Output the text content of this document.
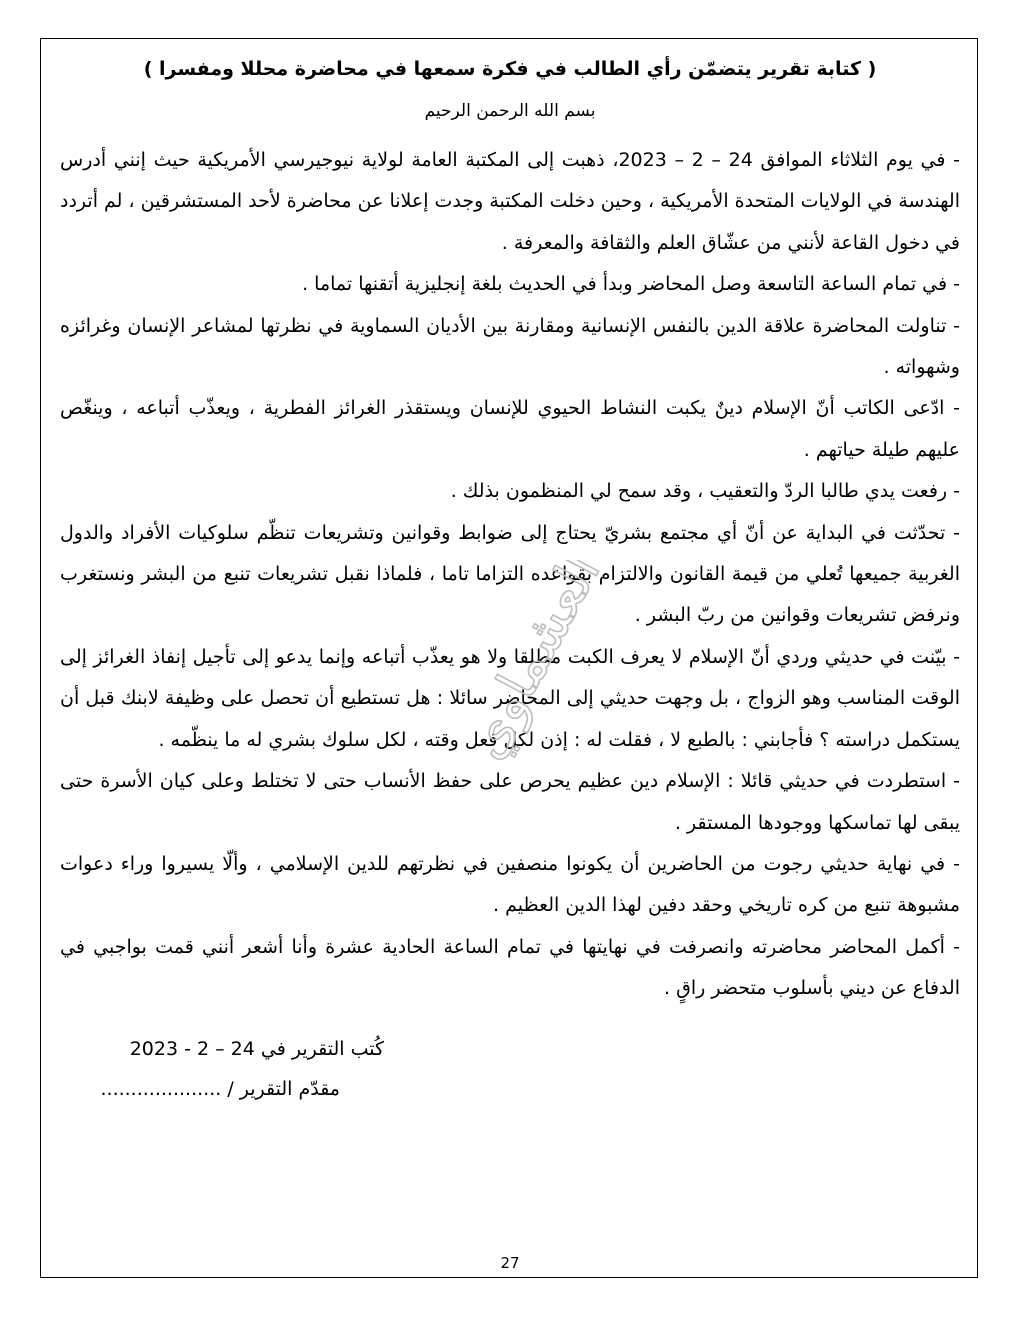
( كتابة تقرير يتضمّن رأي الطالب في فكرة سمعها في محاضرة محللا ومفسرا )
بسم الله الرحمن الرحيم

- في يوم الثلاثاء الموافق 24 – 2 – 2023، ذهبت إلى المكتبة العامة لولاية نيوجيرسي الأمريكية حيث إنني أدرس الهندسة في الولايات المتحدة الأمريكية ، وحين دخلت المكتبة وجدت إعلانا عن محاضرة لأحد المستشرقين ، لم أتردد في دخول القاعة لأنني من عشّاق العلم والثقافة والمعرفة .

- في تمام الساعة التاسعة وصل المحاضر وبدأ في الحديث بلغة إنجليزية أتقنها تماما .

- تناولت المحاضرة علاقة الدين بالنفس الإنسانية ومقارنة بين الأديان السماوية في نظرتها لمشاعر الإنسان وغرائزه وشهواته .

- ادّعى الكاتب أنّ الإسلام دينٌ يكبت النشاط الحيوي للإنسان ويستقذر الغرائز الفطرية ، ويعذّب أتباعه ، وينغّص عليهم طيلة حياتهم .

- رفعت يدي طالبا الردّ والتعقيب ، وقد سمح لي المنظمون بذلك .

- تحدّثت في البداية عن أنّ أي مجتمع بشريّ يحتاج إلى ضوابط وقوانين وتشريعات تنظّم سلوكيات الأفراد والدول الغربية جميعها تُعلي من قيمة القانون والالتزام بقواعده التزاما تاما ، فلماذا نقبل تشريعات تنبع من البشر ونستغرب ونرفض تشريعات وقوانين من ربّ البشر .

- بيّنت في حديثي وردي أنّ الإسلام لا يعرف الكبت مطلقا ولا هو يعذّب أتباعه وإنما يدعو إلى تأجيل إنفاذ الغرائز إلى الوقت المناسب وهو الزواج ، بل وجهت حديثي إلى المحاضر سائلا : هل تستطيع أن تحصل على وظيفة لابنك قبل أن يستكمل دراسته ؟ فأجابني : بالطبع لا ، فقلت له : إذن لكل فعل وقته ، لكل سلوك بشري له ما ينظّمه .

- استطردت في حديثي قائلا : الإسلام دين عظيم يحرص على حفظ الأنساب حتى لا تختلط وعلى كيان الأسرة حتى يبقى لها تماسكها ووجودها المستقر .

- في نهاية حديثي رجوت من الحاضرين أن يكونوا منصفين في نظرتهم للدين الإسلامي ، وألّا يسيروا وراء دعوات مشبوهة تنبع من كره تاريخي وحقد دفين لهذا الدين العظيم .

- أكمل المحاضر محاضرته وانصرفت في نهايتها في تمام الساعة الحادية عشرة وأنا أشعر أنني قمت بواجبي في الدفاع عن ديني بأسلوب متحضر راقٍ .

كُتب التقرير في 24 – 2 - 2023
مقدّم التقرير / ....................
العشماوي
27
